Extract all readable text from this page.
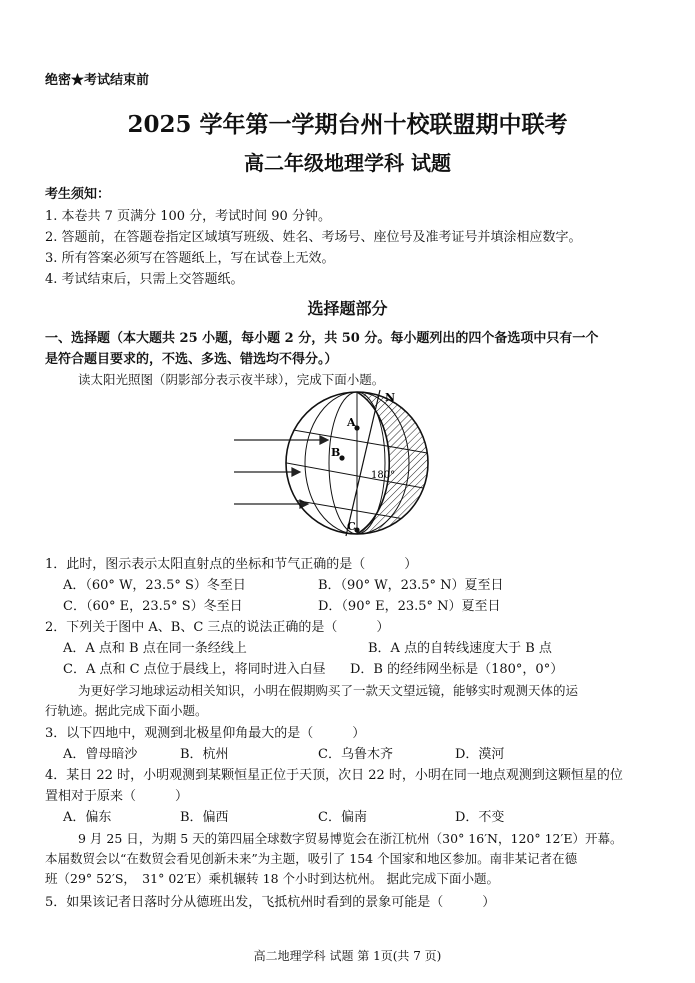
绝密★考试结束前
2025 学年第一学期台州十校联盟期中联考
高二年级地理学科 试题
考生须知：
1. 本卷共 7 页满分 100 分，考试时间 90 分钟。
2. 答题前，在答题卷指定区域填写班级、姓名、考场号、座位号及准考证号并填涂相应数字。
3. 所有答案必须写在答题纸上，写在试卷上无效。
4. 考试结束后，只需上交答题纸。
选择题部分
一、选择题（本大题共 25 小题，每小题 2 分，共 50 分。每小题列出的四个备选项中只有一个
是符合题目要求的，不选、多选、错选均不得分。）
读太阳光照图（阴影部分表示夜半球），完成下面小题。
A
B
C
N
180°
1．此时，图示表示太阳直射点的坐标和节气正确的是（　　　）
A．（60° W，23.5° S）冬至日	B．（90° W，23.5° N）夏至日
C．（60° E，23.5° S）冬至日	D．（90° E，23.5° N）夏至日
2．下列关于图中 A、B、C 三点的说法正确的是（　　　）
A．A 点和 B 点在同一条经线上	B．A 点的自转线速度大于 B 点
C．A 点和 C 点位于晨线上，将同时进入白昼 D．B 的经纬网坐标是（180°，0°）
为更好学习地球运动相关知识，小明在假期购买了一款天文望远镜，能够实时观测天体的运
行轨迹。据此完成下面小题。
3．以下四地中，观测到北极星仰角最大的是（　　　）
A．曾母暗沙	B．杭州	C．乌鲁木齐	D．漠河
4．某日 22 时，小明观测到某颗恒星正位于天顶，次日 22 时，小明在同一地点观测到这颗恒星的位
置相对于原来（　　　）
A．偏东	B．偏西	C．偏南	D．不变
9 月 25 日，为期 5 天的第四届全球数字贸易博览会在浙江杭州（30° 16′N，120° 12′E）开幕。
本届数贸会以“在数贸会看见创新未来”为主题，吸引了 154 个国家和地区参加。南非某记者在德
班（29° 52′S，　31° 02′E）乘机辗转 18 个小时到达杭州。 据此完成下面小题。
5．如果该记者日落时分从德班出发，飞抵杭州时看到的景象可能是（　　　）
高二地理学科 试题 第 1页(共 7 页)
